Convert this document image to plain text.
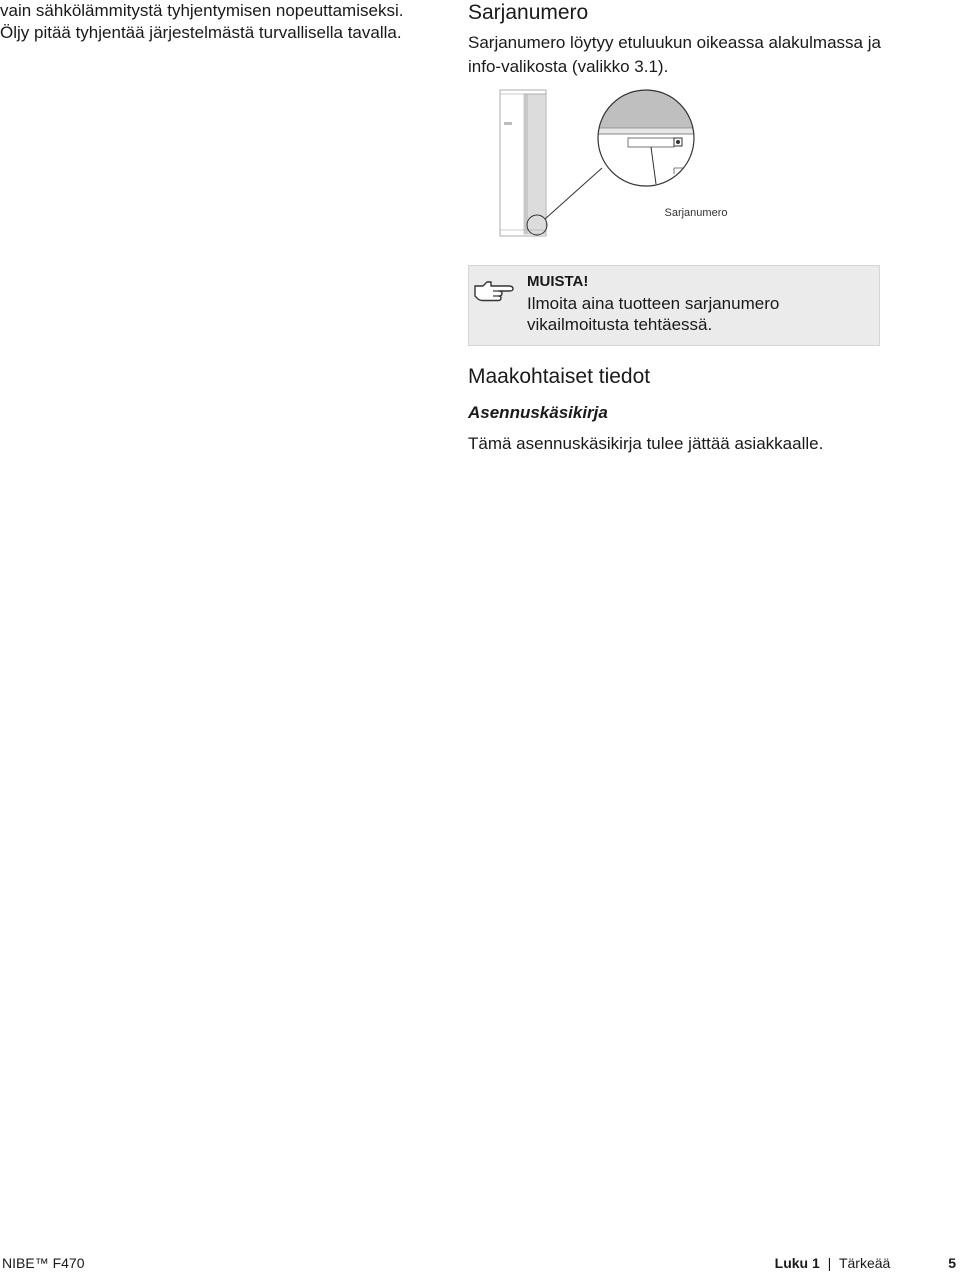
vain sähkölämmitystä tyhjentymisen nopeuttamiseksi.

Öljy pitää tyhjentää järjestelmästä turvallisella tavalla.

Sarjanumero
Sarjanumero löytyy etuluukun oikeassa alakulmassa ja info-valikosta (valikko 3.1).
Sarjanumero
MUISTA!
Ilmoita aina tuotteen sarjanumero vikailmoitusta tehtäessä.
Maakohtaiset tiedot
Asennuskäsikirja
Tämä asennuskäsikirja tulee jättää asiakkaalle.
NIBE™ F470	Luku 1 | Tärkeää	5
